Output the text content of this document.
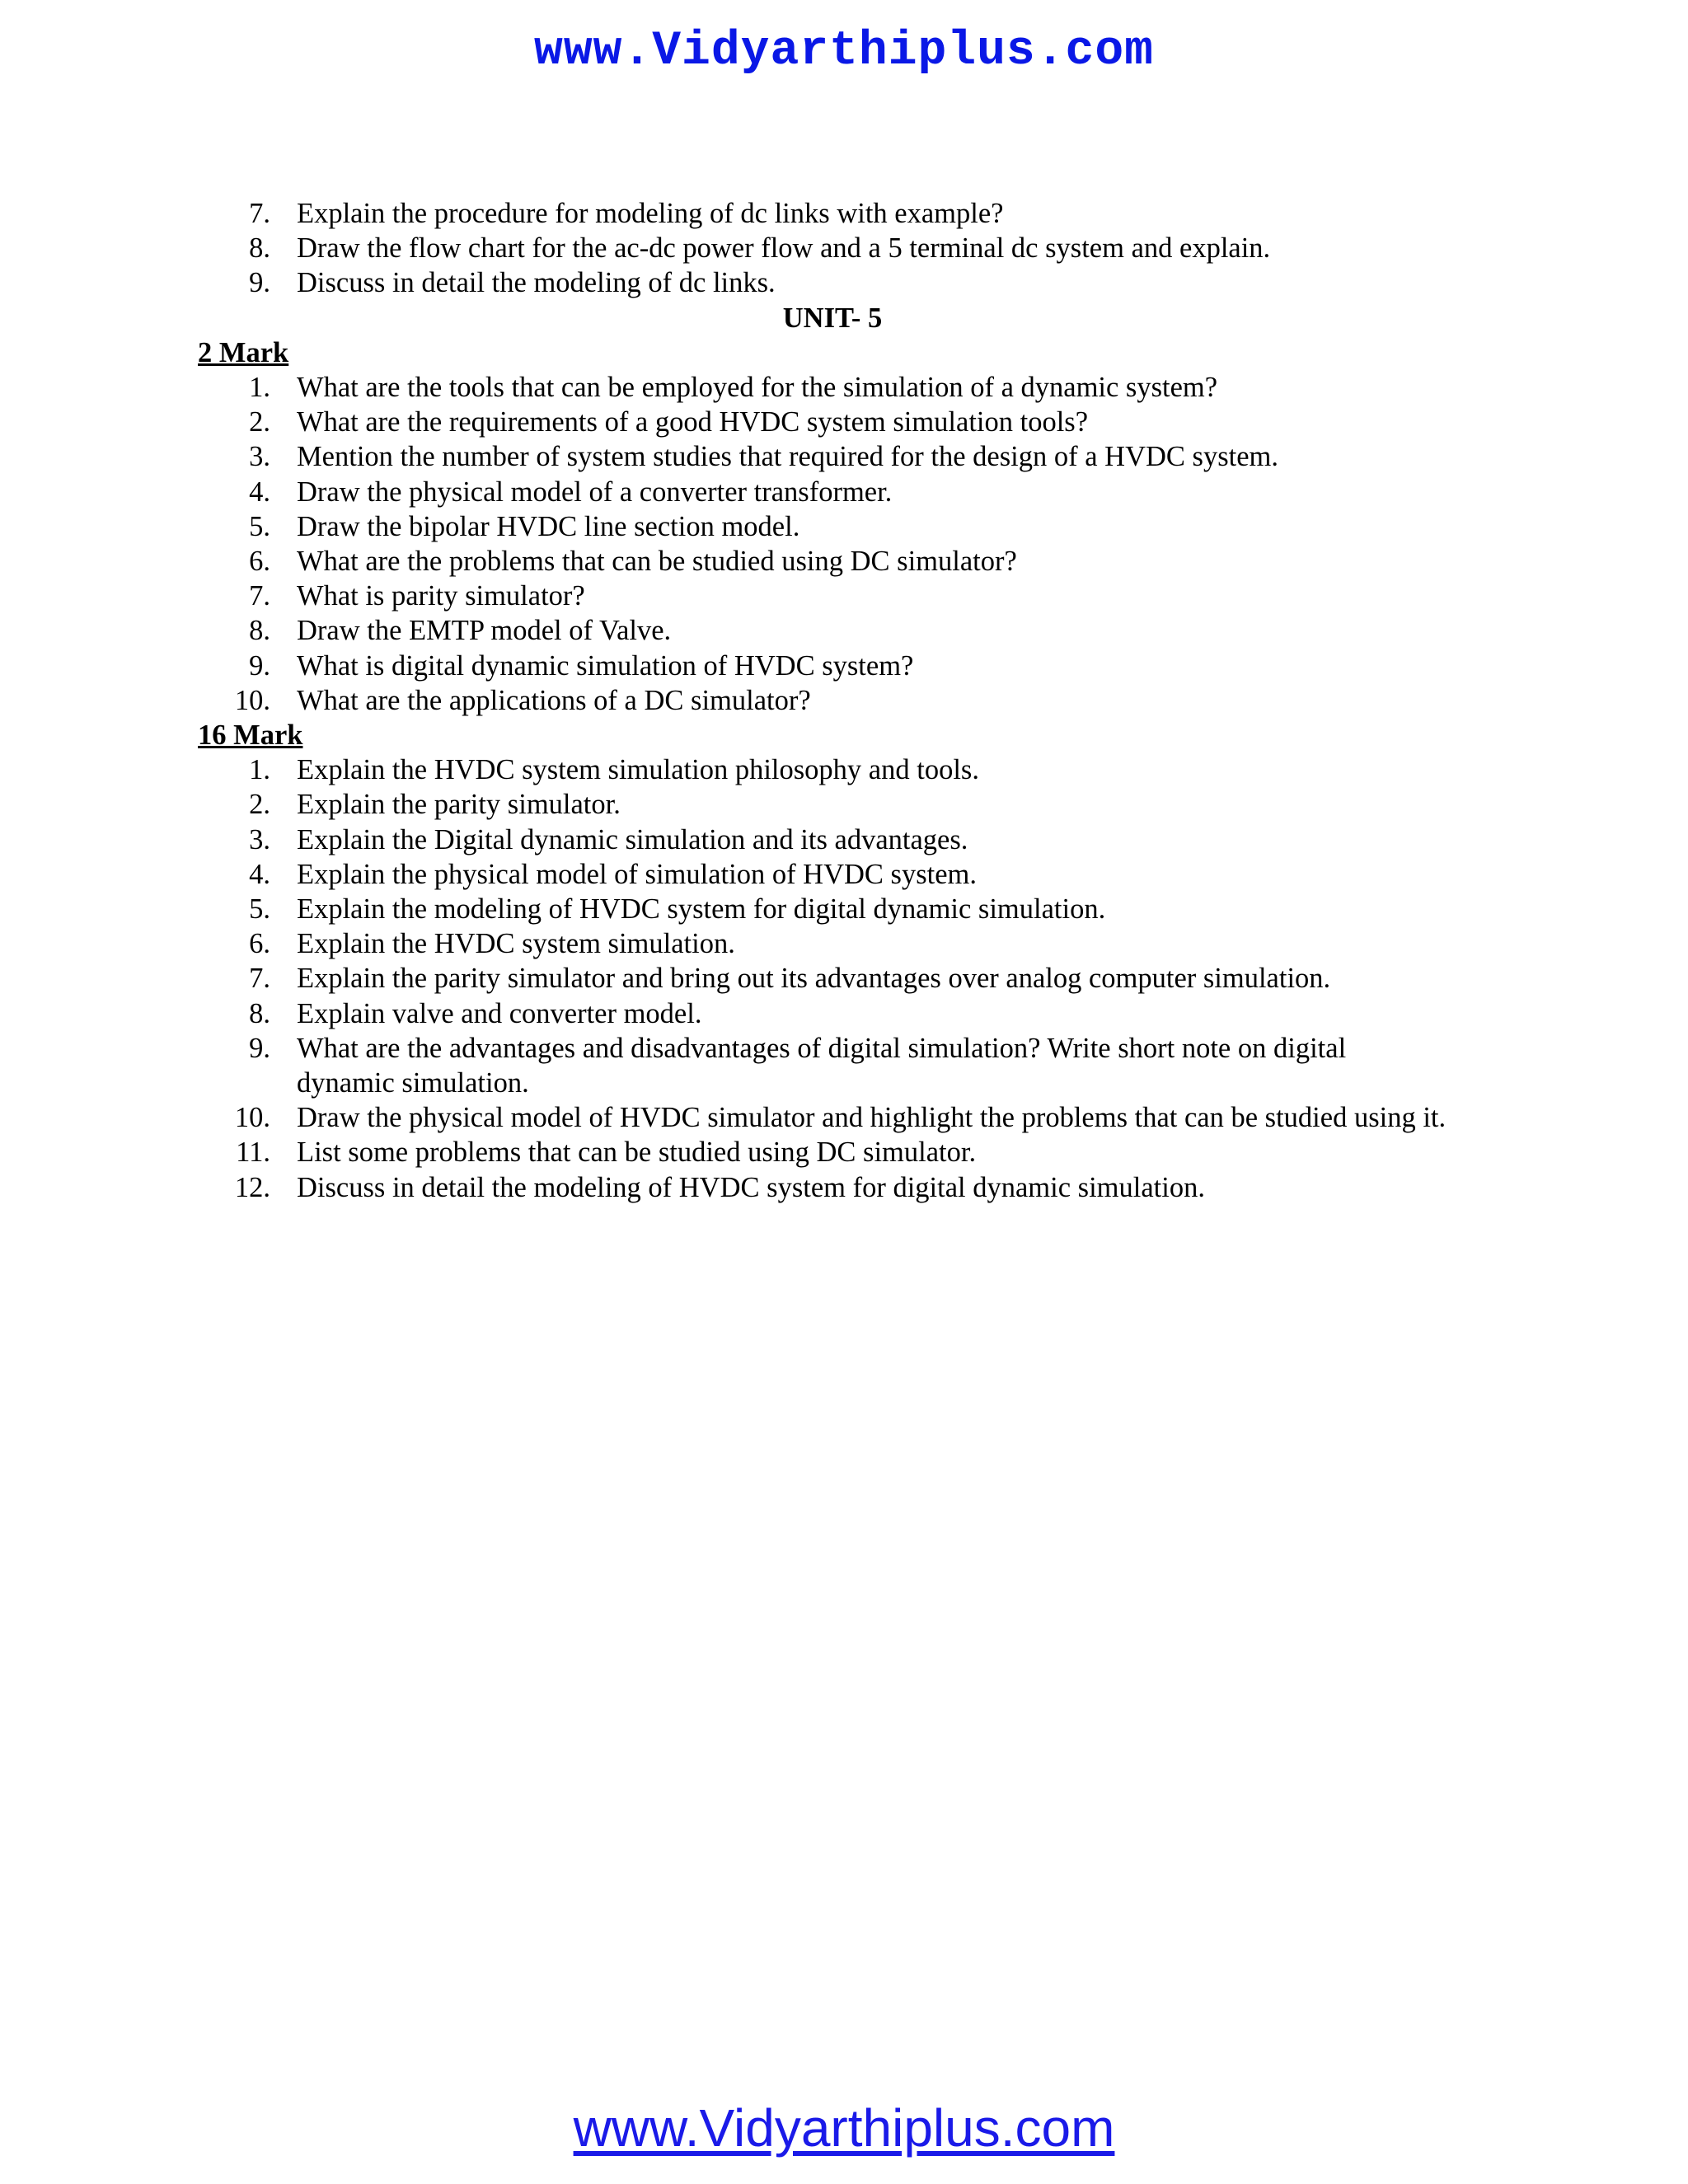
www.Vidyarthiplus.com
7. Explain the procedure for modeling of dc links with example?
8. Draw the flow chart for the ac-dc power flow and a 5 terminal dc system and explain.
9. Discuss in detail the modeling of dc links.
UNIT- 5
2 Mark
1. What are the tools that can be employed for the simulation of a dynamic system?
2. What are the requirements of a good HVDC system simulation tools?
3. Mention the number of system studies that required for the design of a HVDC system.
4. Draw the physical model of a converter transformer.
5. Draw the bipolar HVDC line section model.
6. What are the problems that can be studied using DC simulator?
7. What is parity simulator?
8. Draw the EMTP model of Valve.
9. What is digital dynamic simulation of HVDC system?
10. What are the applications of a DC simulator?
16 Mark
1. Explain the HVDC system simulation philosophy and tools.
2. Explain the parity simulator.
3. Explain the Digital dynamic simulation and its advantages.
4. Explain the physical model of simulation of HVDC system.
5. Explain the modeling of HVDC system for digital dynamic simulation.
6. Explain the HVDC system simulation.
7. Explain the parity simulator and bring out its advantages over analog computer simulation.
8. Explain valve and converter model.
9. What are the advantages and disadvantages of digital simulation? Write short note on digital dynamic simulation.
10. Draw the physical model of HVDC simulator and highlight the problems that can be studied using it.
11. List some problems that can be studied using DC simulator.
12. Discuss in detail the modeling of HVDC system for digital dynamic simulation.
www.Vidyarthiplus.com
